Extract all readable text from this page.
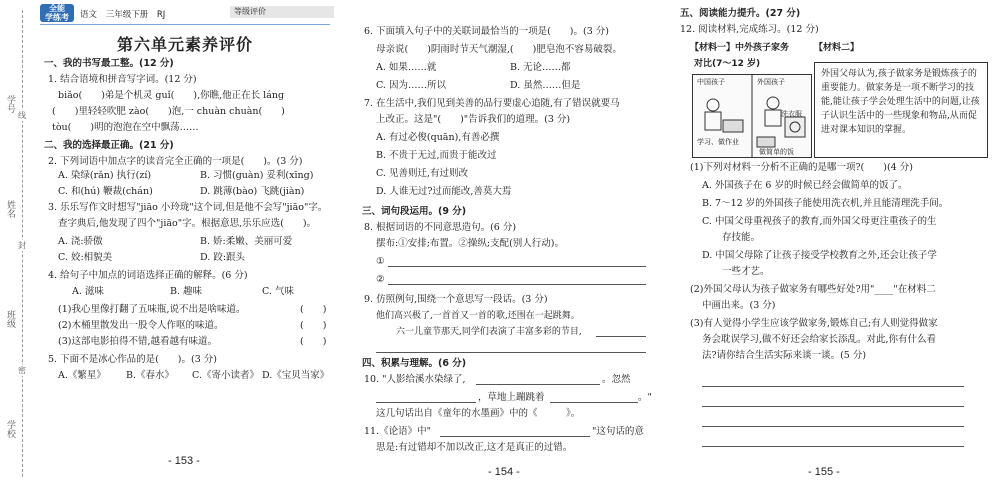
学号
姓名
班级
学校
线
封
密
全能
学练考	语文 三年级下册 RJ	等级评价
第六单元素养评价
一、我的书写最工整。(12 分)
1. 结合语境和拼音写字词。(12 分)
biǎo(　　)弟是个机灵 guǐ(　　),你瞧,他正在长 láng
(　　)里轻轻吹肥 zào(　　)泡,一 chuàn chuàn(　　)
tòu(　　)明的泡泡在空中飘荡……
二、我的选择最正确。(21 分)
2. 下列词语中加点字的读音完全正确的一项是(　　)。(3 分)
A. 染绿(rǎn) 执行(zí)	B. 习惯(guàn) 妥利(xīng)
C. 和(hú) 鞭裁(chán)	D. 跳薄(bào) 飞跳(jiàn)
3. 乐乐写作文时想写"jiāo 小玲珑"这个词,但是他不会写"jiāo"字。
查字典后,他发现了四个"jiāo"字。根据意思,乐乐应选(　　)。
A. 浇:骄傲	B. 娇:柔嫩、美丽可爱
C. 姣:相貌美	D. 跤:跟头
4. 给句子中加点的词语选择正确的解释。(6 分)
A. 滋味	B. 趣味	C. 气味
(1)我心里像打翻了五味瓶,说不出是啥味道。	(　　)
(2)木桶里散发出一股令人作呕的味道。	(　　)
(3)这部电影拍得不错,越看越有味道。	(　　)
5. 下面不是冰心作品的是(　　)。(3 分)
A.《繁星》 B.《春水》 C.《寄小读者》 D.《宝贝当家》
- 153 -
6. 下面填入句子中的关联词最恰当的一项是(　　)。(3 分)
母亲说(　　)阴雨时节天气潮湿,(　　)肥皂泡不容易破裂。
A. 如果……就	B. 无论……都
C. 因为……所以	D. 虽然……但是
7. 在生活中,我们见到美善的品行要虚心追随,有了错误就要马
上改正。这是"(　　)"告诉我们的道理。(3 分)
A. 有过必俊(quān),有善必撰
B. 不贵于无过,而贵于能改过
C. 见善则迁,有过则改
D. 人谁无过?过而能改,善莫大焉
三、词句段运用。(9 分)
8. 根据词语的不同意思造句。(6 分)
摆布:①安排;布置。②操纵;支配(别人行动)。
①
②
9. 仿照例句,围绕一个意思写一段话。(3 分)
他们高兴极了,一首首又一首的歌,还围在一起跳舞。
六一儿童节那天,同学们表演了丰富多彩的节目,
四、积累与理解。(6 分)
10. "人影给溪水染绿了,	。忽然
，草地上蹦跳着	。"
这几句话出自《童年的水墨画》中的《　　　》。
11.《论语》中"	"这句话的意
思是:有过错却不加以改正,这才是真正的过错。
- 154 -
五、阅读能力提升。(27 分)
12. 阅读材料,完成练习。(12 分)
【材料一】中外孩子家务	【材料二】
对比(7～12 岁)
中国孩子	外国孩子
学习、做作业
洗衣服
做简单的饭
外国父母认为,孩子做家务是锻炼孩子的重要能力。做家务是一项不断学习的技能,能让孩子学会处理生活中的问题,让孩子认识生活中的一些现象和物品,从而促进对课本知识的掌握。
(1)下列对材料一分析不正确的是哪一项?(　　)(4 分)
A. 外国孩子在 6 岁的时候已经会做简单的饭了。
B. 7～12 岁的外国孩子能使用洗衣机,并且能清理洗手间。
C. 中国父母重视孩子的教育,而外国父母更注重孩子的生
存技能。
D. 中国父母除了让孩子接受学校教育之外,还会让孩子学
一些才艺。
(2)外国父母认为孩子做家务有哪些好处?用"____"在材料二
中画出来。(3 分)
(3)有人觉得小学生应该学做家务,锻炼自己;有人则觉得做家
务会耽误学习,做不好还会给家长添乱。对此,你有什么看
法?请你结合生活实际来谈一谈。(5 分)
- 155 -
